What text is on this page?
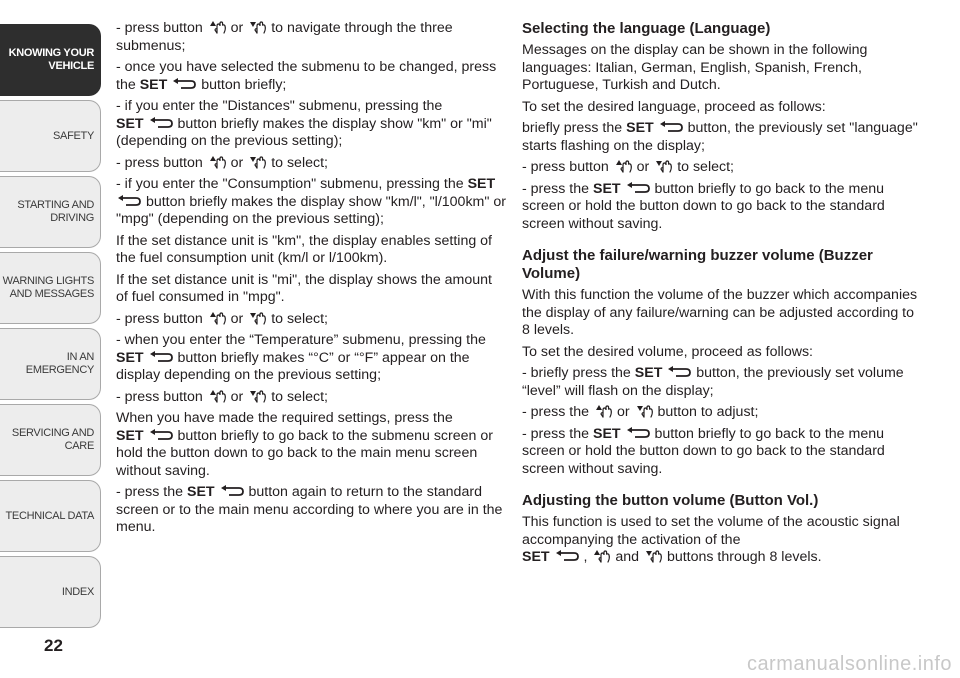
KNOWING YOUR
VEHICLE
SAFETY
STARTING AND
DRIVING
WARNING LIGHTS
AND MESSAGES
IN AN EMERGENCY
SERVICING AND
CARE
TECHNICAL DATA
INDEX
22

- press button or to navigate through the three submenus;

- once you have selected the submenu to be changed, press the SET button briefly;

- if you enter the "Distances" submenu, pressing the
SET button briefly makes the display show "km" or "mi" (depending on the previous setting);

- press button or to select;

- if you enter the "Consumption" submenu, pressing the SET
button briefly makes the display show "km/l", "l/100km" or "mpg" (depending on the previous setting);

If the set distance unit is "km", the display enables setting of the fuel consumption unit (km/l or l/100km).

If the set distance unit is "mi", the display shows the amount of fuel consumed in "mpg".

- press button or to select;

- when you enter the “Temperature” submenu, pressing the SET button briefly makes “°C” or “°F” appear on the display depending on the previous setting;

- press button or to select;

When you have made the required settings, press the
SET button briefly to go back to the submenu screen or hold the button down to go back to the main menu screen without saving.

- press the SET button again to return to the standard screen or to the main menu according to where you are in the menu.

Selecting the language (Language)

Messages on the display can be shown in the following languages: Italian, German, English, Spanish, French, Portuguese, Turkish and Dutch.

To set the desired language, proceed as follows:

briefly press the SET button, the previously set "language" starts flashing on the display;

- press button or to select;

- press the SET button briefly to go back to the menu screen or hold the button down to go back to the standard screen without saving.

Adjust the failure/warning buzzer volume (Buzzer Volume)

With this function the volume of the buzzer which accompanies the display of any failure/warning can be adjusted according to 8 levels.

To set the desired volume, proceed as follows:

- briefly press the SET button, the previously set volume “level” will flash on the display;

- press the or button to adjust;

- press the SET button briefly to go back to the menu screen or hold the button down to go back to the standard screen without saving.

Adjusting the button volume (Button Vol.)

This function is used to set the volume of the acoustic signal accompanying the activation of the
SET , and buttons through 8 levels.

carmanualsonline.info
